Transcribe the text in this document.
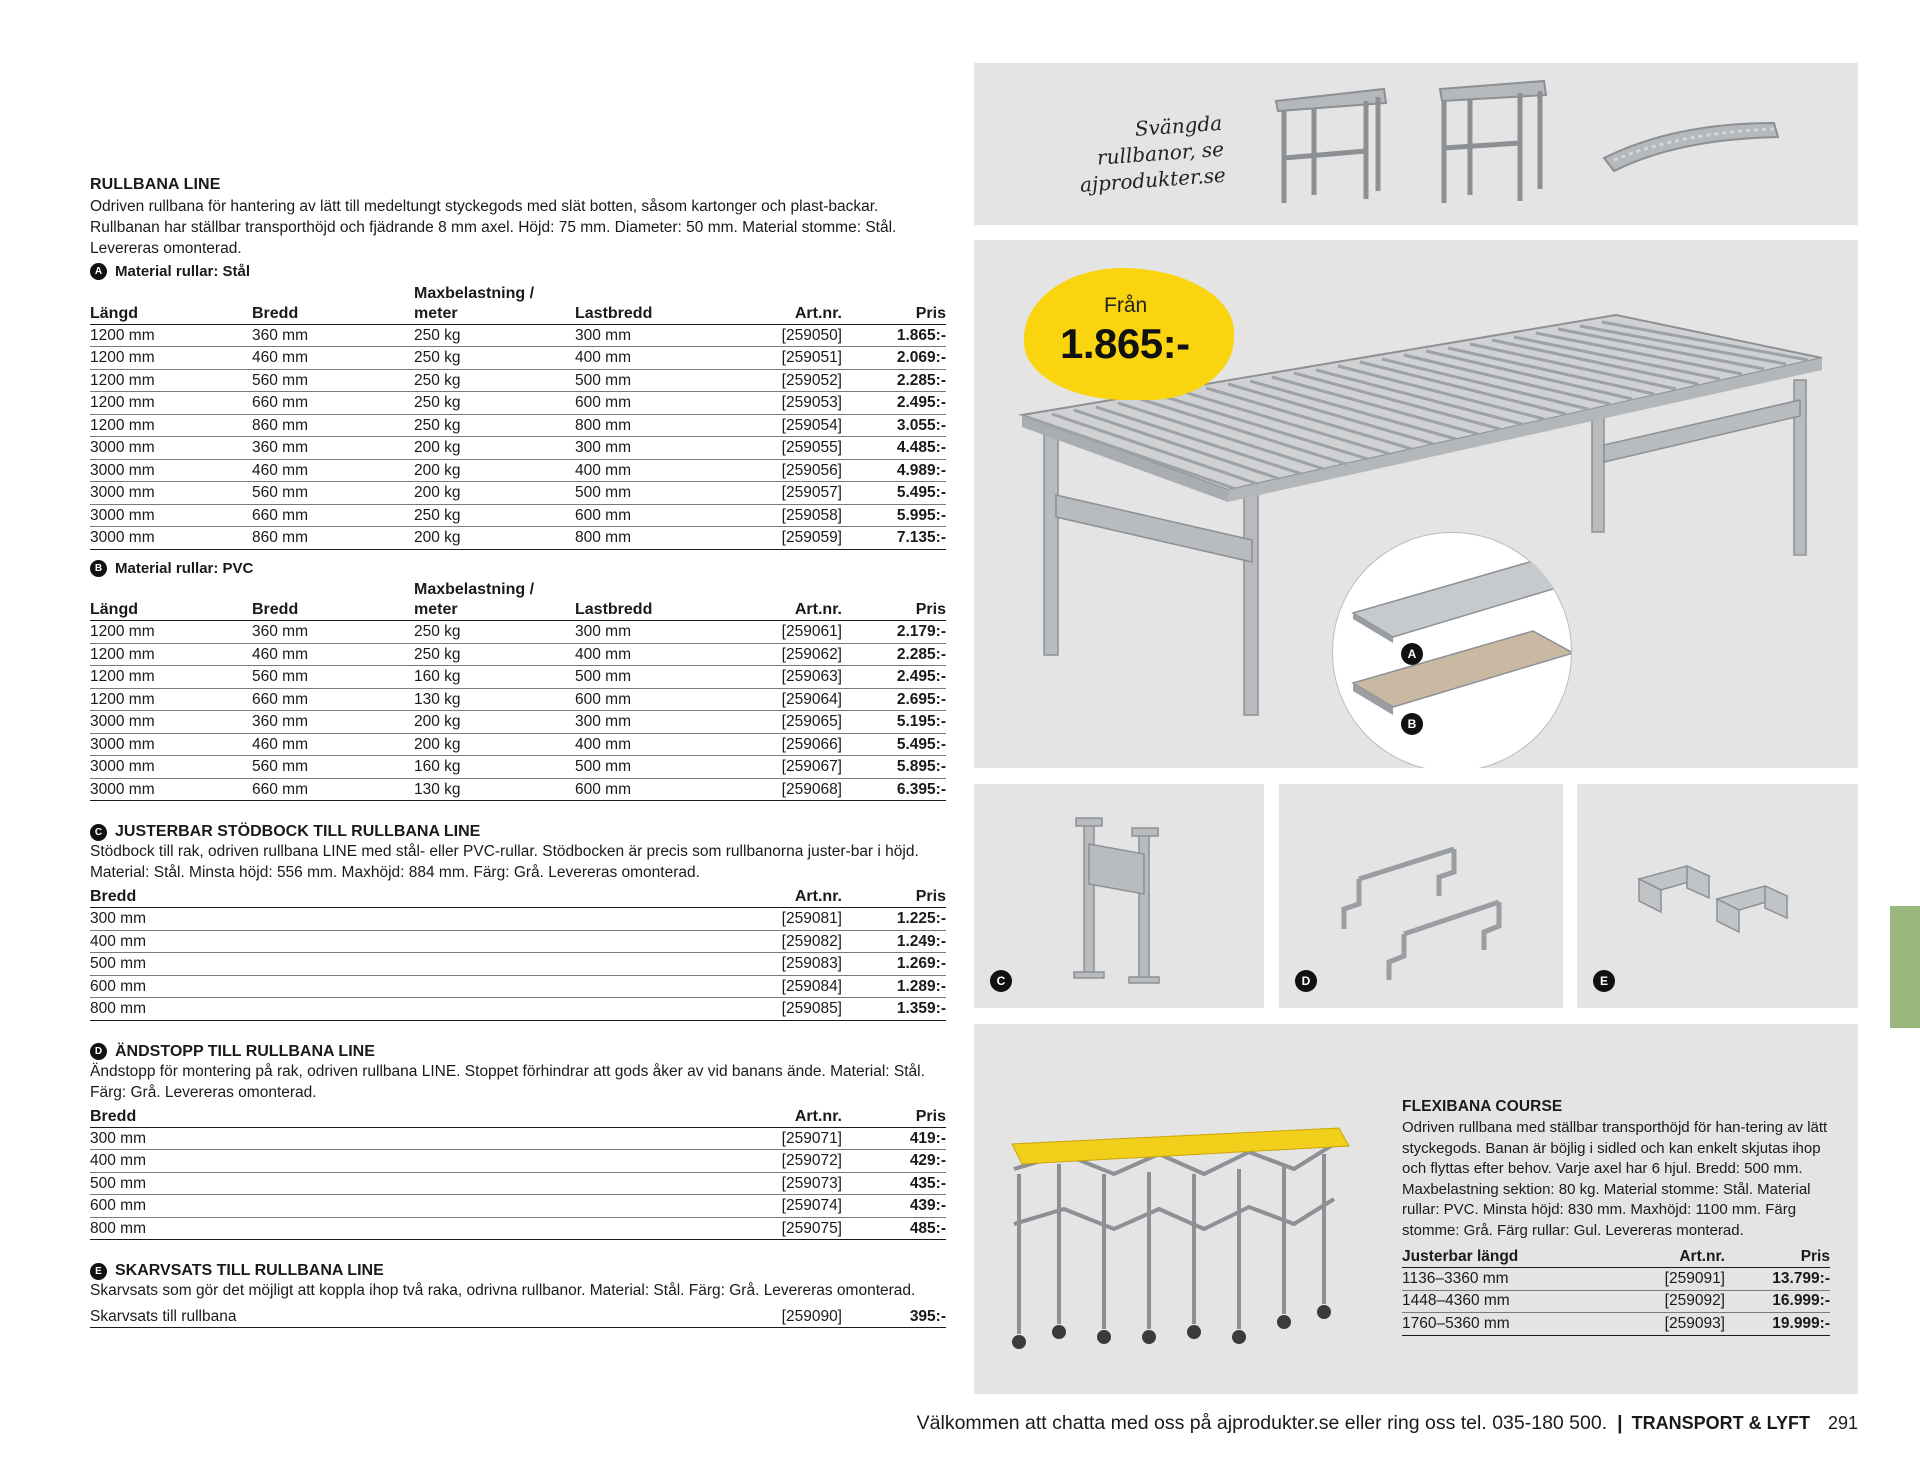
RULLBANA LINE
Odriven rullbana för hantering av lätt till medeltungt styckegods med slät botten, såsom kartonger och plast-backar. Rullbanan har ställbar transporthöjd och fjädrande 8 mm axel. Höjd: 75 mm. Diameter: 50 mm. Material stomme: Stål. Levereras omonterad.
A Material rullar: Stål
Längd	Bredd	Maxbelastning / meter	Lastbredd	Art.nr.	Pris
1200 mm	360 mm	250 kg	300 mm	[259050]	1.865:-
1200 mm	460 mm	250 kg	400 mm	[259051]	2.069:-
1200 mm	560 mm	250 kg	500 mm	[259052]	2.285:-
1200 mm	660 mm	250 kg	600 mm	[259053]	2.495:-
1200 mm	860 mm	250 kg	800 mm	[259054]	3.055:-
3000 mm	360 mm	200 kg	300 mm	[259055]	4.485:-
3000 mm	460 mm	200 kg	400 mm	[259056]	4.989:-
3000 mm	560 mm	200 kg	500 mm	[259057]	5.495:-
3000 mm	660 mm	250 kg	600 mm	[259058]	5.995:-
3000 mm	860 mm	200 kg	800 mm	[259059]	7.135:-
B Material rullar: PVC
Längd	Bredd	Maxbelastning / meter	Lastbredd	Art.nr.	Pris
1200 mm	360 mm	250 kg	300 mm	[259061]	2.179:-
1200 mm	460 mm	250 kg	400 mm	[259062]	2.285:-
1200 mm	560 mm	160 kg	500 mm	[259063]	2.495:-
1200 mm	660 mm	130 kg	600 mm	[259064]	2.695:-
3000 mm	360 mm	200 kg	300 mm	[259065]	5.195:-
3000 mm	460 mm	200 kg	400 mm	[259066]	5.495:-
3000 mm	560 mm	160 kg	500 mm	[259067]	5.895:-
3000 mm	660 mm	130 kg	600 mm	[259068]	6.395:-
C JUSTERBAR STÖDBOCK TILL RULLBANA LINE
Stödbock till rak, odriven rullbana LINE med stål- eller PVC-rullar. Stödbocken är precis som rullbanorna juster-bar i höjd. Material: Stål. Minsta höjd: 556 mm. Maxhöjd: 884 mm. Färg: Grå. Levereras omonterad.
Bredd	Art.nr.	Pris
300 mm	[259081]	1.225:-
400 mm	[259082]	1.249:-
500 mm	[259083]	1.269:-
600 mm	[259084]	1.289:-
800 mm	[259085]	1.359:-
D ÄNDSTOPP TILL RULLBANA LINE
Ändstopp för montering på rak, odriven rullbana LINE. Stoppet förhindrar att gods åker av vid banans ände. Material: Stål. Färg: Grå. Levereras omonterad.
Bredd	Art.nr.	Pris
300 mm	[259071]	419:-
400 mm	[259072]	429:-
500 mm	[259073]	435:-
600 mm	[259074]	439:-
800 mm	[259075]	485:-
E SKARVSATS TILL RULLBANA LINE
Skarvsats som gör det möjligt att koppla ihop två raka, odrivna rullbanor. Material: Stål. Färg: Grå. Levereras omonterad.
Skarvsats till rullbana	[259090]	395:-
Svängda rullbanor, se ajprodukter.se
Från
1.865:-
A
B
C	D	E
FLEXIBANA COURSE
Odriven rullbana med ställbar transporthöjd för han-tering av lätt styckegods. Banan är böjlig i sidled och kan enkelt skjutas ihop och flyttas efter behov. Varje axel har 6 hjul. Bredd: 500 mm. Maxbelastning sektion: 80 kg. Material stomme: Stål. Material rullar: PVC. Minsta höjd: 830 mm. Maxhöjd: 1100 mm. Färg stomme: Grå. Färg rullar: Gul. Levereras monterad.
Justerbar längd	Art.nr.	Pris
1136–3360 mm	[259091]	13.799:-
1448–4360 mm	[259092]	16.999:-
1760–5360 mm	[259093]	19.999:-
Välkommen att chatta med oss på ajprodukter.se eller ring oss tel. 035-180 500. | TRANSPORT & LYFT 291
